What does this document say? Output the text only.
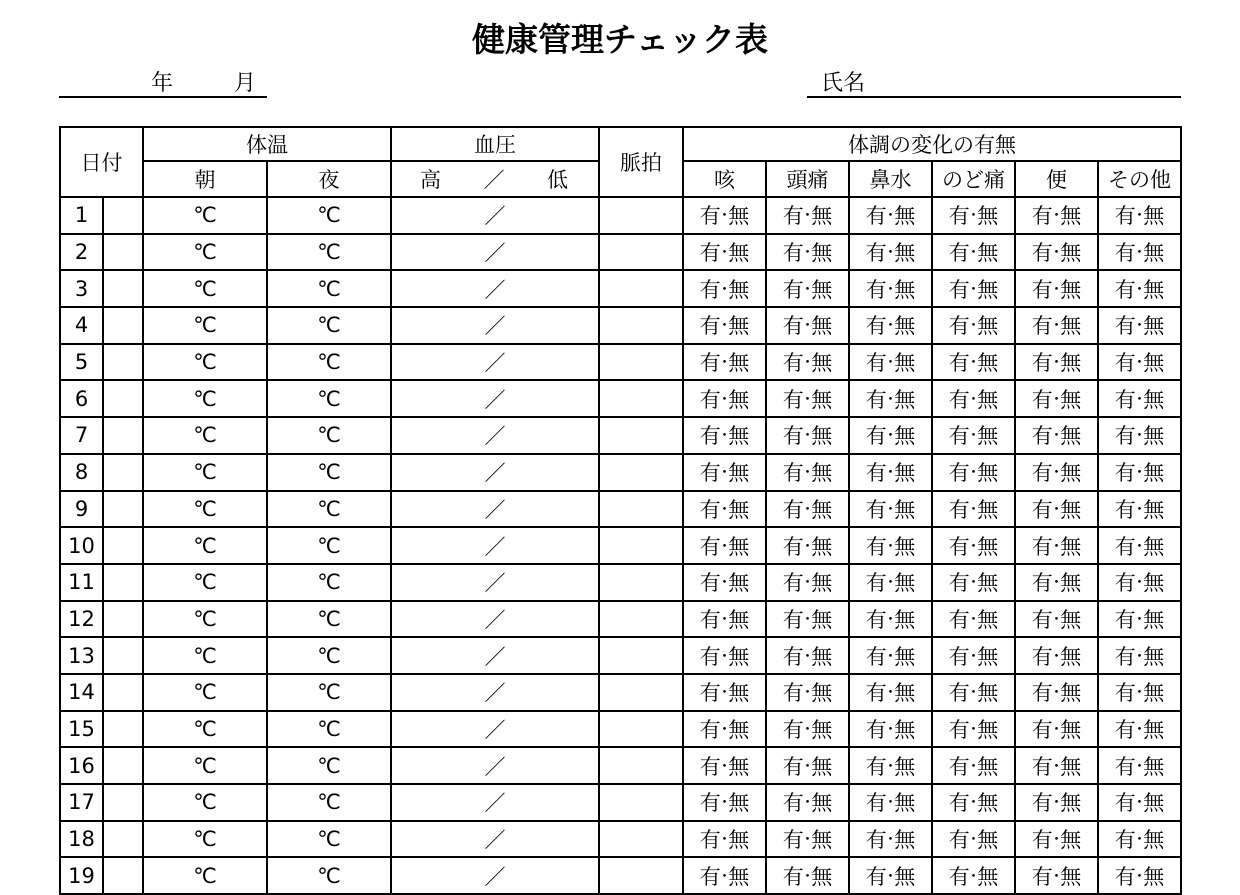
健康管理チェック表
年	月	氏名
日付		体温		血圧	脈拍	体調の変化の有無					
		朝	夜	高 ／ 低		咳	頭痛	鼻水	のど痛	便	その他
1		℃	℃	／		有･無	有･無	有･無	有･無	有･無	有･無
2		℃	℃	／		有･無	有･無	有･無	有･無	有･無	有･無
3		℃	℃	／		有･無	有･無	有･無	有･無	有･無	有･無
4		℃	℃	／		有･無	有･無	有･無	有･無	有･無	有･無
5		℃	℃	／		有･無	有･無	有･無	有･無	有･無	有･無
6		℃	℃	／		有･無	有･無	有･無	有･無	有･無	有･無
7		℃	℃	／		有･無	有･無	有･無	有･無	有･無	有･無
8		℃	℃	／		有･無	有･無	有･無	有･無	有･無	有･無
9		℃	℃	／		有･無	有･無	有･無	有･無	有･無	有･無
10		℃	℃	／		有･無	有･無	有･無	有･無	有･無	有･無
11		℃	℃	／		有･無	有･無	有･無	有･無	有･無	有･無
12		℃	℃	／		有･無	有･無	有･無	有･無	有･無	有･無
13		℃	℃	／		有･無	有･無	有･無	有･無	有･無	有･無
14		℃	℃	／		有･無	有･無	有･無	有･無	有･無	有･無
15		℃	℃	／		有･無	有･無	有･無	有･無	有･無	有･無
16		℃	℃	／		有･無	有･無	有･無	有･無	有･無	有･無
17		℃	℃	／		有･無	有･無	有･無	有･無	有･無	有･無
18		℃	℃	／		有･無	有･無	有･無	有･無	有･無	有･無
19		℃	℃	／		有･無	有･無	有･無	有･無	有･無	有･無
